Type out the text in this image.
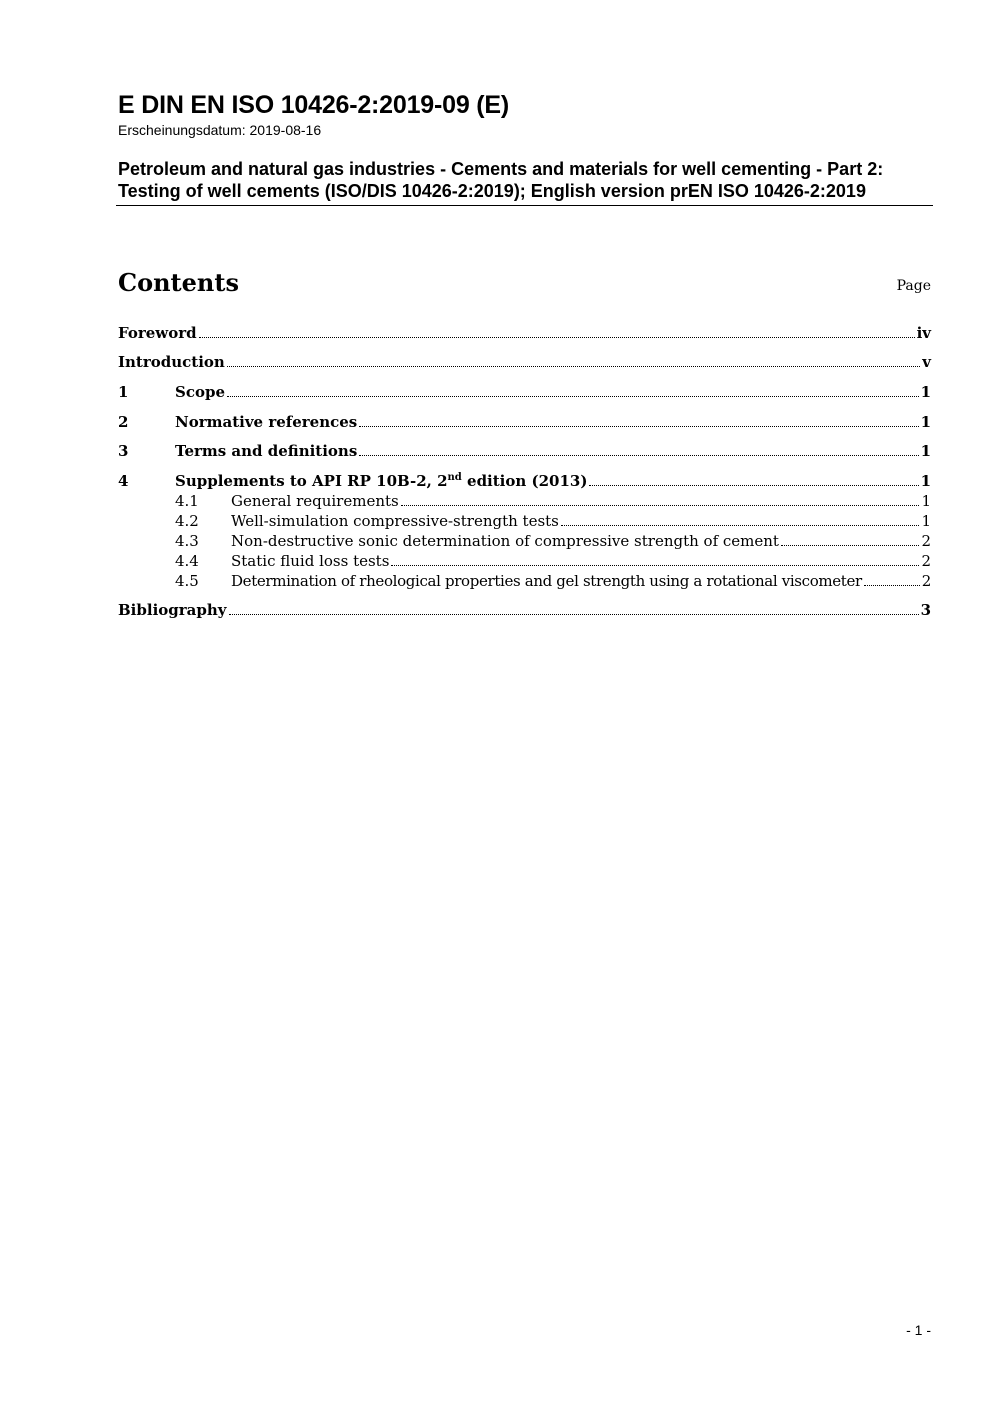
E DIN EN ISO 10426-2:2019-09 (E)
Erscheinungsdatum: 2019-08-16
Petroleum and natural gas industries - Cements and materials for well cementing - Part 2: Testing of well cements (ISO/DIS 10426-2:2019); English version prEN ISO 10426-2:2019
Contents	Page
Foreword	iv
Introduction	v
1	Scope	1
2	Normative references	1
3	Terms and definitions	1
4	Supplements to API RP 10B-2, 2nd edition (2013)	1
4.1	General requirements	1
4.2	Well-simulation compressive-strength tests	1
4.3	Non-destructive sonic determination of compressive strength of cement	2
4.4	Static fluid loss tests	2
4.5	Determination of rheological properties and gel strength using a rotational viscometer	2
Bibliography	3
- 1 -
